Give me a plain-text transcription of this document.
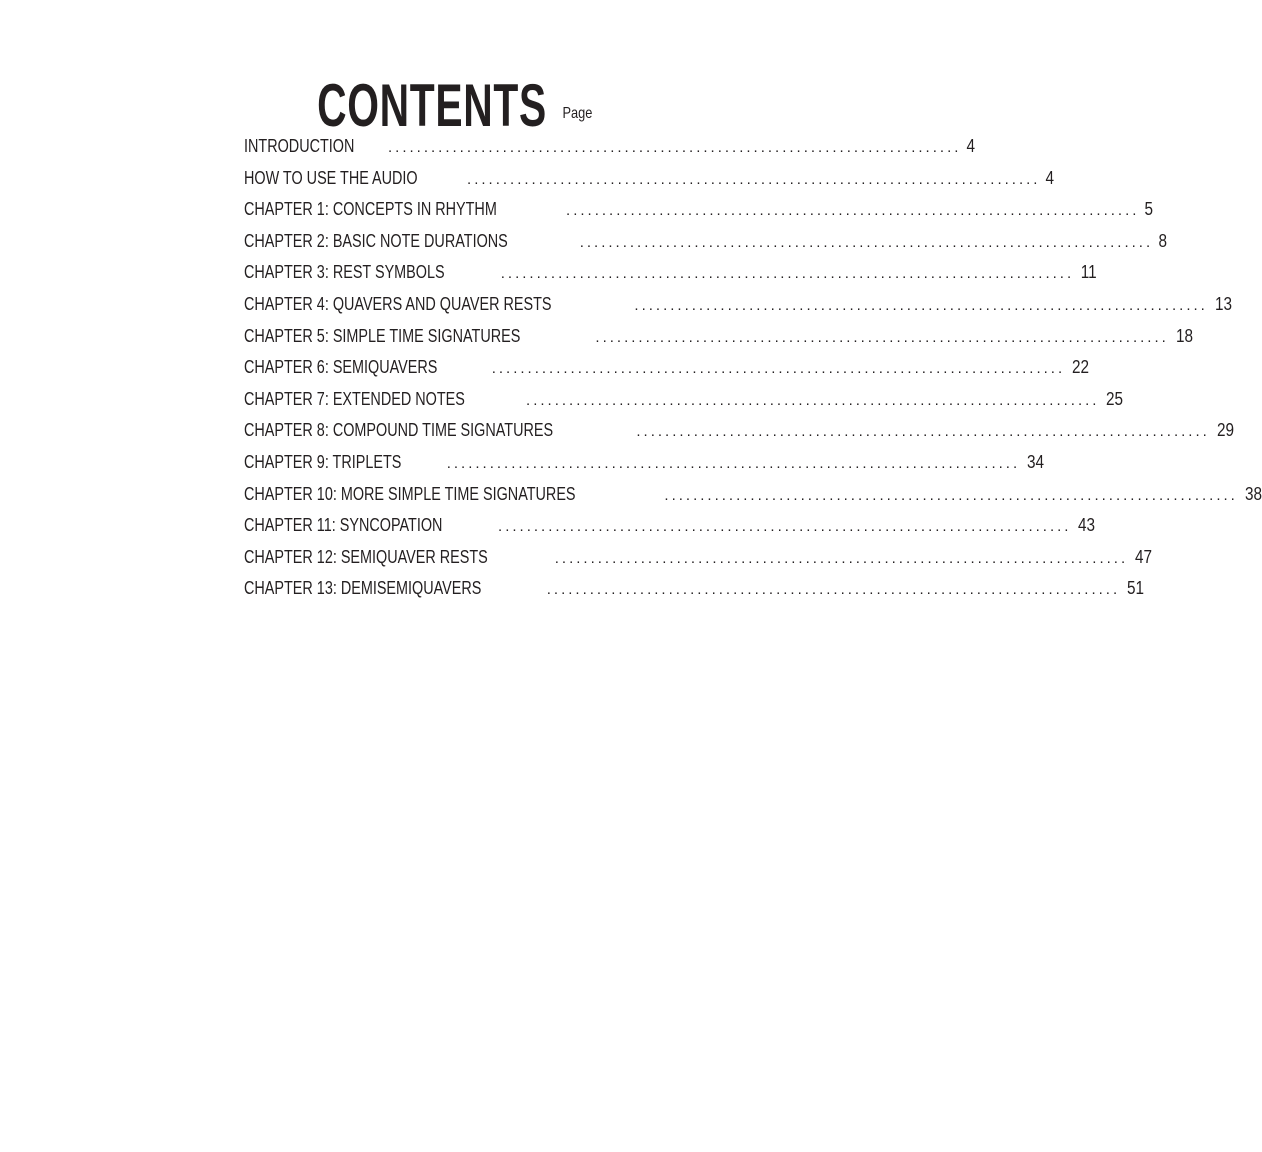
CONTENTS Page
INTRODUCTION	................................................................................ 4
HOW TO USE THE AUDIO	................................................................................ 4
CHAPTER 1: CONCEPTS IN RHYTHM	................................................................................ 5
CHAPTER 2: BASIC NOTE DURATIONS	................................................................................ 8
CHAPTER 3: REST SYMBOLS	................................................................................ 11
CHAPTER 4: QUAVERS AND QUAVER RESTS	................................................................................ 13
CHAPTER 5: SIMPLE TIME SIGNATURES	................................................................................ 18
CHAPTER 6: SEMIQUAVERS	................................................................................ 22
CHAPTER 7: EXTENDED NOTES	................................................................................ 25
CHAPTER 8: COMPOUND TIME SIGNATURES	................................................................................ 29
CHAPTER 9: TRIPLETS	................................................................................ 34
CHAPTER 10: MORE SIMPLE TIME SIGNATURES	................................................................................ 38
CHAPTER 11: SYNCOPATION	................................................................................ 43
CHAPTER 12: SEMIQUAVER RESTS	................................................................................ 47
CHAPTER 13: DEMISEMIQUAVERS	................................................................................ 51
